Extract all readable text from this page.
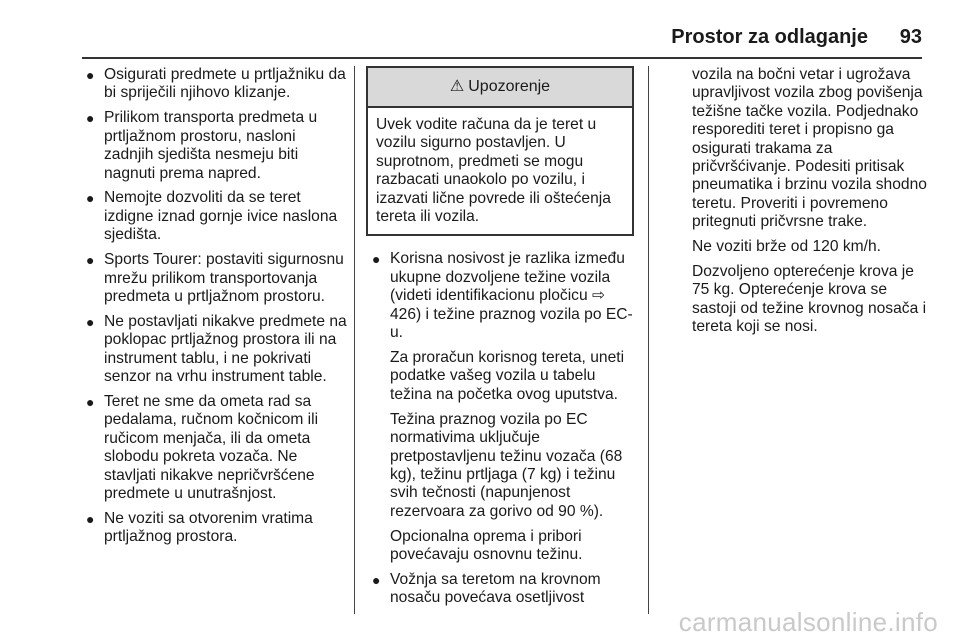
Prostor za odlaganje 93
● Osigurati predmete u prtljažniku da bi spriječili njihovo klizanje.
● Prilikom transporta predmeta u prtljažnom prostoru, nasloni zadnjih sjedišta nesmeju biti nagnuti prema napred.
● Nemojte dozvoliti da se teret izdigne iznad gornje ivice naslona sjedišta.
● Sports Tourer: postaviti sigurnosnu mrežu prilikom transportovanja predmeta u prtljažnom prostoru.
● Ne postavljati nikakve predmete na poklopac prtljažnog prostora ili na instrument tablu, i ne pokrivati senzor na vrhu instrument table.
● Teret ne sme da ometa rad sa pedalama, ručnom kočnicom ili ručicom menjača, ili da ometa slobodu pokreta vozača. Ne stavljati nikakve nepričvršćene predmete u unutrašnjost.
● Ne voziti sa otvorenim vratima prtljažnog prostora.
⚠ Upozorenje
Uvek vodite računa da je teret u vozilu sigurno postavljen. U suprotnom, predmeti se mogu razbacati unaokolo po vozilu, i izazvati lične povrede ili oštećenja tereta ili vozila.
● Korisna nosivost je razlika između ukupne dozvoljene težine vozila (videti identifikacionu pločicu ⇨ 426) i težine praznog vozila po EC-u.

Za proračun korisnog tereta, uneti podatke vašeg vozila u tabelu težina na početka ovog uputstva.

Težina praznog vozila po EC normativima uključuje pretpostavljenu težinu vozača (68 kg), težinu prtljaga (7 kg) i težinu svih tečnosti (napunjenost rezervoara za gorivo od 90 %).

Opcionalna oprema i pribori povećavaju osnovnu težinu.

● Vožnja sa teretom na krovnom nosaču povećava osetljivost

vozila na bočni vetar i ugrožava upravljivost vozila zbog povišenja težišne tačke vozila. Podjednako resporediti teret i propisno ga osigurati trakama za pričvršćivanje. Podesiti pritisak pneumatika i brzinu vozila shodno teretu. Proveriti i povremeno pritegnuti pričvrsne trake.

Ne voziti brže od 120 km/h.

Dozvoljeno opterećenje krova je 75 kg. Opterećenje krova se sastoji od težine krovnog nosača i tereta koji se nosi.

carmanualsonline.info
